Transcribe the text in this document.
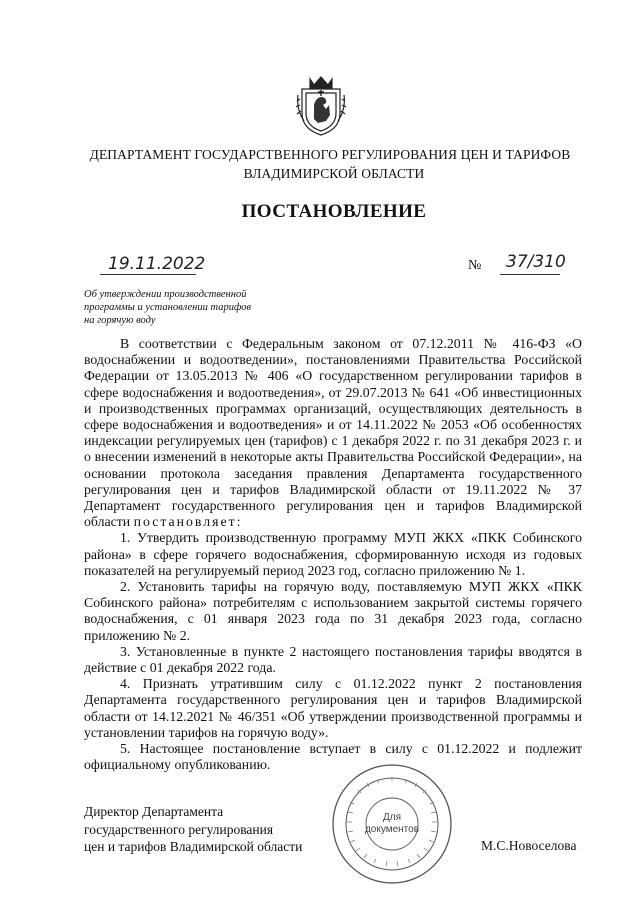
ДЕПАРТАМЕНТ ГОСУДАРСТВЕННОГО РЕГУЛИРОВАНИЯ ЦЕН И ТАРИФОВ
ВЛАДИМИРСКОЙ ОБЛАСТИ
ПОСТАНОВЛЕНИЕ
19.11.2022	№ 37/310
Об утверждении производственной
программы и установлении тарифов
на горячую воду

В соответствии с Федеральным законом от 07.12.2011 № 416-ФЗ «О водоснабжении и водоотведении», постановлениями Правительства Российской Федерации от 13.05.2013 № 406 «О государственном регулировании тарифов в сфере водоснабжения и водоотведения», от 29.07.2013 № 641 «Об инвестиционных и производственных программах организаций, осуществляющих деятельность в сфере водоснабжения и водоотведения» и от 14.11.2022 № 2053 «Об особенностях индексации регулируемых цен (тарифов) с 1 декабря 2022 г. по 31 декабря 2023 г. и о внесении изменений в некоторые акты Правительства Российской Федерации», на основании протокола заседания правления Департамента государственного регулирования цен и тарифов Владимирской области от 19.11.2022 № 37 Департамент государственного регулирования цен и тарифов Владимирской области постановляет:

1. Утвердить производственную программу МУП ЖКХ «ПКК Собинского района» в сфере горячего водоснабжения, сформированную исходя из годовых показателей на регулируемый период 2023 год, согласно приложению № 1.

2. Установить тарифы на горячую воду, поставляемую МУП ЖКХ «ПКК Собинского района» потребителям с использованием закрытой системы горячего водоснабжения, с 01 января 2023 года по 31 декабря 2023 года, согласно приложению № 2.

3. Установленные в пункте 2 настоящего постановления тарифы вводятся в действие с 01 декабря 2022 года.

4. Признать утратившим силу с 01.12.2022 пункт 2 постановления Департамента государственного регулирования цен и тарифов Владимирской области от 14.12.2021 № 46/351 «Об утверждении производственной программы и установлении тарифов на горячую воду».

5. Настоящее постановление вступает в силу с 01.12.2022 и подлежит официальному опубликованию.

Директор Департамента
государственного регулирования
цен и тарифов Владимирской области
Для
документов
М.С.Новоселова
